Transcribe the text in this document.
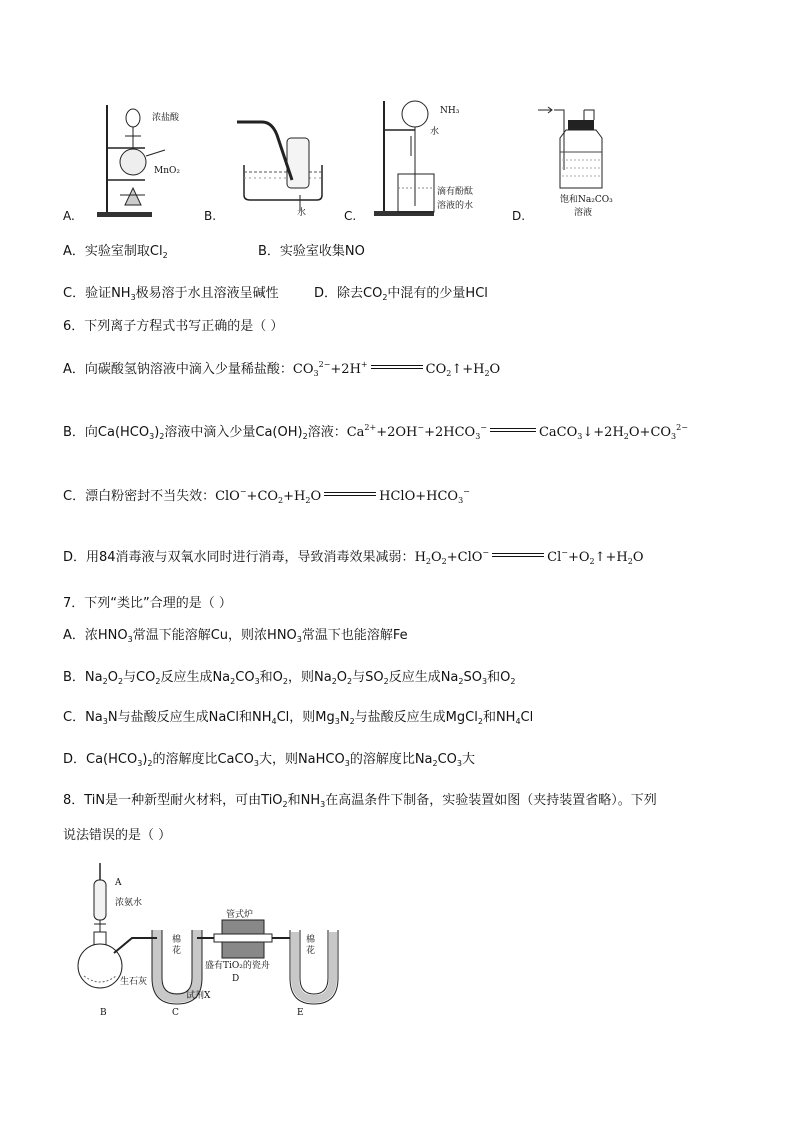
浓盐酸
MnO₂
A.	水
B.
NH₃
水
滴有酚酞
溶液的水
C.
饱和Na₂CO₃
溶液
D.
A．实验室制取$Cl_2$	B．实验室收集NO
C．验证$NH_3$极易溶于水且溶液呈碱性	D．除去$CO_2$中混有的少量HCl
6．下列离子方程式书写正确的是（ ）
A．向碳酸氢钠溶液中滴入少量稀盐酸：$CO_3^{2-}+2H^+$	$CO_2↑+H_2O$
B．向$Ca(HCO_3)_2$溶液中滴入少量$Ca(OH)_2$溶液：$Ca^{2+}+2OH^-+2HCO_3^-$	$CaCO_3↓+2H_2O+CO_3^{2-}$
C．漂白粉密封不当失效：$ClO^-+CO_2+H_2O$	$HClO+HCO_3^-$
D．用84消毒液与双氧水同时进行消毒，导致消毒效果减弱：$H_2O_2+ClO^-$	$Cl^-+O_2↑+H_2O$
7．下列“类比”合理的是（ ）
A．浓$HNO_3$常温下能溶解Cu，则浓$HNO_3$常温下也能溶解Fe
B．$Na_2O_2$与$CO_2$反应生成$Na_2CO_3$和$O_2$，则$Na_2O_2$与$SO_2$反应生成$Na_2SO_3$和$O_2$
C．$Na_3N$与盐酸反应生成NaCl和$NH_4Cl$，则$Mg_3N_2$与盐酸反应生成MgCl$_2$和$NH_4Cl$
D．$Ca(HCO_3)_2$的溶解度比CaCO$_3$大，则NaHCO$_3$的溶解度比$Na_2CO_3$大
8．TiN是一种新型耐火材料，可由TiO$_2$和$NH_3$在高温条件下制备，实验装置如图（夹持装置省略）。下列
说法错误的是（ ）
A
浓氨水
生石灰
B	C
试剂X
管式炉
棉
花
盛有TiO₂的瓷舟
D
棉
花
E
